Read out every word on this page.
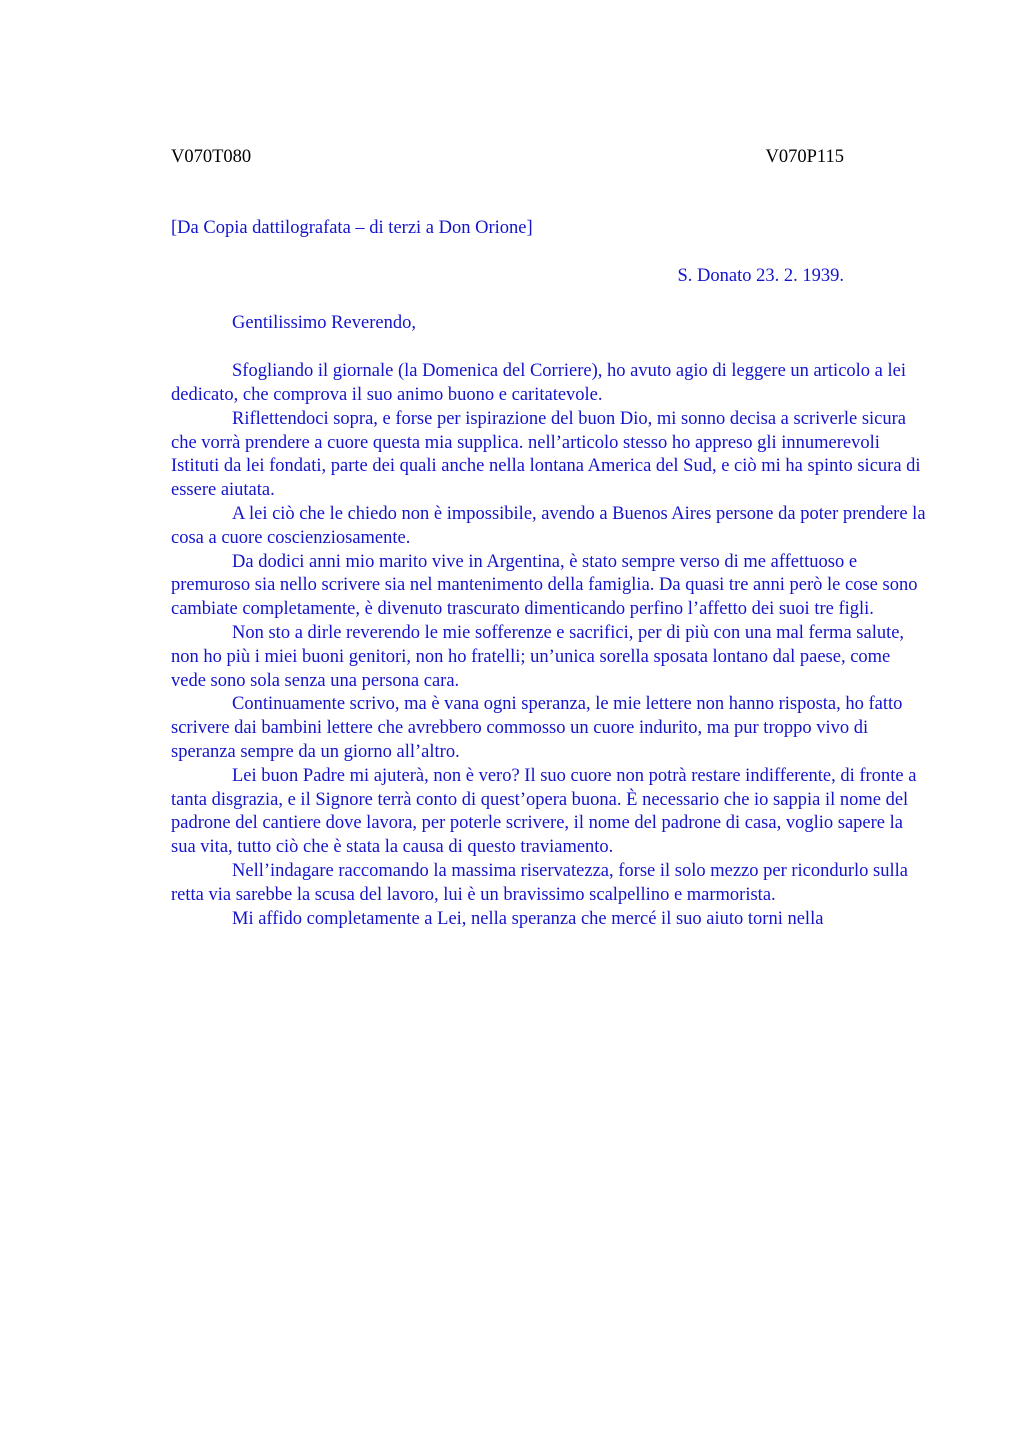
V070T080	V070P115
[Da Copia dattilografata – di terzi a Don Orione]
S. Donato 23. 2. 1939.
Gentilissimo Reverendo,

Sfogliando il giornale (la Domenica del Corriere), ho avuto agio di leggere un articolo a lei dedicato, che comprova il suo animo buono e caritatevole.

Riflettendoci sopra, e forse per ispirazione del buon Dio, mi sonno decisa a scriverle sicura che vorrà prendere a cuore questa mia supplica. nell’articolo stesso ho appreso gli innumerevoli Istituti da lei fondati, parte dei quali anche nella lontana America del Sud, e ciò mi ha spinto sicura di essere aiutata.

A lei ciò che le chiedo non è impossibile, avendo a Buenos Aires persone da poter prendere la cosa a cuore coscienziosamente.

Da dodici anni mio marito vive in Argentina, è stato sempre verso di me affettuoso e premuroso sia nello scrivere sia nel mantenimento della famiglia. Da quasi tre anni però le cose sono cambiate completamente, è divenuto trascurato dimenticando perfino l’affetto dei suoi tre figli.

Non sto a dirle reverendo le mie sofferenze e sacrifici, per di più con una mal ferma salute, non ho più i miei buoni genitori, non ho fratelli; un’unica sorella sposata lontano dal paese, come vede sono sola senza una persona cara.

Continuamente scrivo, ma è vana ogni speranza, le mie lettere non hanno risposta, ho fatto scrivere dai bambini lettere che avrebbero commosso un cuore indurito, ma pur troppo vivo di speranza sempre da un giorno all’altro.

Lei buon Padre mi ajuterà, non è vero? Il suo cuore non potrà restare indifferente, di fronte a tanta disgrazia, e il Signore terrà conto di quest’opera buona. È necessario che io sappia il nome del padrone del cantiere dove lavora, per poterle scrivere, il nome del padrone di casa, voglio sapere la sua vita, tutto ciò che è stata la causa di questo traviamento.

Nell’indagare raccomando la massima riservatezza, forse il solo mezzo per ricondurlo sulla retta via sarebbe la scusa del lavoro, lui è un bravissimo scalpellino e marmorista.

Mi affido completamente a Lei, nella speranza che mercé il suo aiuto torni nella
